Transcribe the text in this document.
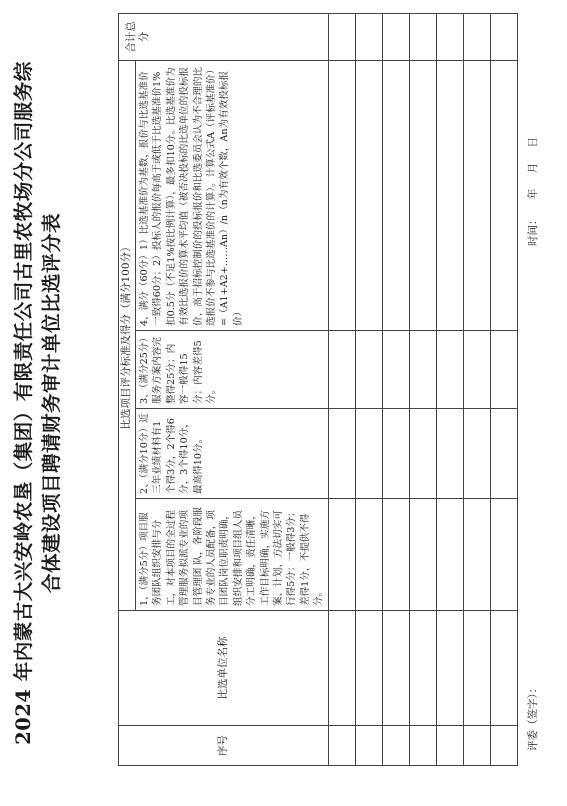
2024 年内蒙古大兴安岭农垦（集团）有限责任公司古里农牧场分公司服务综 合体建设项目聘请财务审计单位比选评分表
序号	比选单位名称	比选项目评分标准及得分（满分100分）				合计总分
		1、（满分5分）项目服务团队组织安排与分工，对本项目的全过程管理服务拟派专业的项目管理团 队，各阶段服务专业的人员配备，项目团队岗位职责明确，组织安排和项目组人员分工明确，责任清晰， 工作目标明确，实施方案、计划、方法切实可行得5分；一般得3分；差得1分，不提供不得分。	2、（满分10分）近三年业绩材料有1个得3分，2个得6分，3个得10分，最高得10分。	3、（满分25分）服务方案内容完整得25分；内容一般得15分；内容差得5分。	4、满分（60分）1）比选基准价为基数，报价与比选基准价一致得60分；2）投标人的报价每高于或低于比选基准价1%扣0.5分（不足1%按比例计算），最多扣10分。比选基准价为有效比选报价的算术平均值（被否决投标的比选单位的投标报价、高于招标控制价的投标报价和比选委员会认为不合理的比选报价不参与比选基准价的计算）。计算公式A（评标基准价）=（A1+A2+……An）/n（n为有效个数，An为有效投标报价）	

评委（签字）：
时间： 年 月 日
